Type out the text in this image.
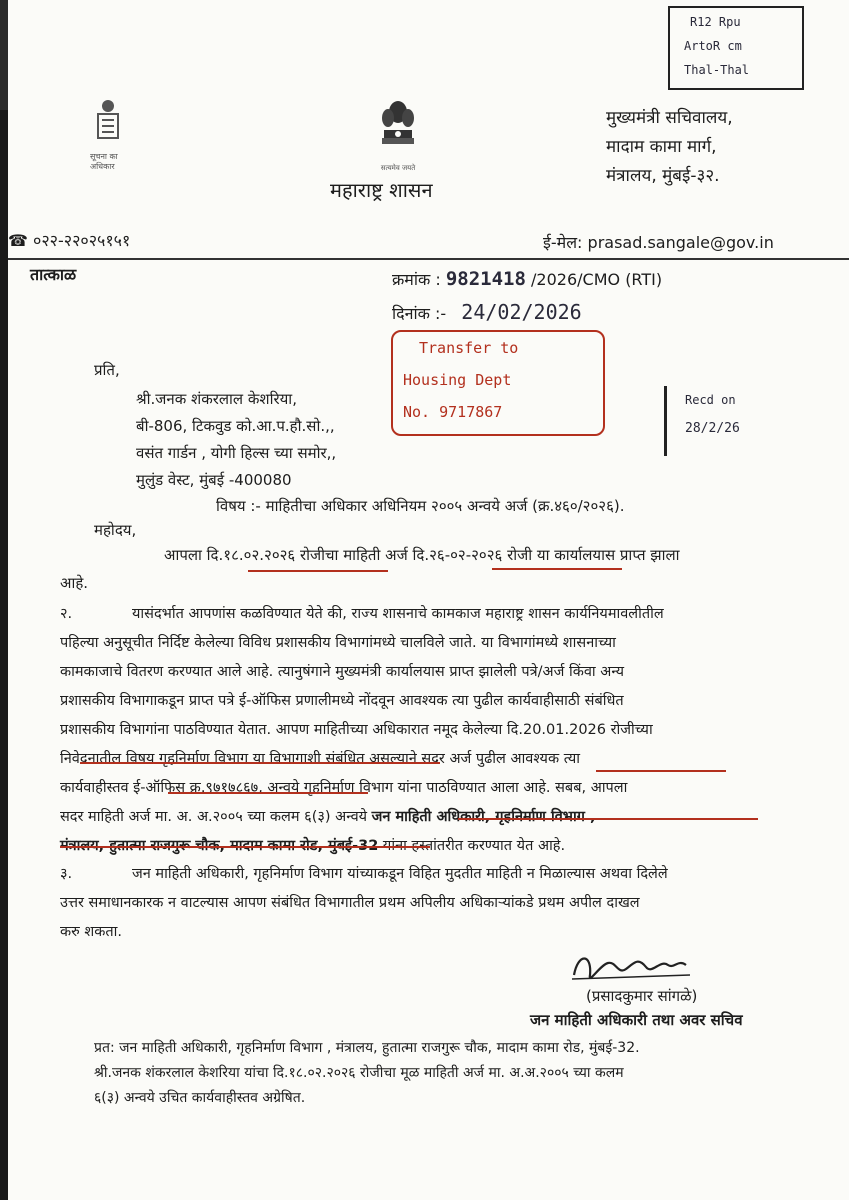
सूचना का अधिकार	सत्यमेव जयते
महाराष्ट्र शासन
मुख्यमंत्री सचिवालय,
मादाम कामा मार्ग,
मंत्रालय, मुंबई-३२.
R12 Rpu
ArtoR cm
Thal-Thal
☎ ०२२-२२०२५१५१	ई-मेल: prasad.sangale@gov.in
तात्काळ	क्रमांक : 9821418 /2026/CMO (RTI)
दिनांक :- 24/02/2026
प्रति,
श्री.जनक शंकरलाल केशरिया,
बी-806, टिकवुड को.आ.प.हौ.सो.,,
वसंत गार्डन , योगी हिल्स च्या समोर,,
मुलुंड वेस्ट, मुंबई -400080
Transfer to
Housing Dept
No. 9717867
Recd on
28/2/26
विषय :- माहितीचा अधिकार अधिनियम २००५ अन्वये अर्ज (क्र.४६०/२०२६).
महोदय,
आपला दि.१८.०२.२०२६ रोजीचा माहिती अर्ज दि.२६-०२-२०२६ रोजी या कार्यालयास प्राप्त झाला
आहे.
२.	यासंदर्भात आपणांस कळविण्यात येते की, राज्य शासनाचे कामकाज महाराष्ट्र शासन कार्यनियमावलीतील
पहिल्या अनुसूचीत निर्दिष्ट केलेल्या विविध प्रशासकीय विभागांमध्ये चालविले जाते. या विभागांमध्ये शासनाच्या
कामकाजाचे वितरण करण्यात आले आहे. त्यानुषंगाने मुख्यमंत्री कार्यालयास प्राप्त झालेली पत्रे/अर्ज किंवा अन्य
प्रशासकीय विभागाकडून प्राप्त पत्रे ई-ऑफिस प्रणालीमध्ये नोंदवून आवश्यक त्या पुढील कार्यवाहीसाठी संबंधित
प्रशासकीय विभागांना पाठविण्यात येतात. आपण माहितीच्या अधिकारात नमूद केलेल्या दि.20.01.2026 रोजीच्या
निवेदनातील विषय गृहनिर्माण विभाग या विभागाशी संबंधित असल्याने सदर अर्ज पुढील आवश्यक त्या
कार्यवाहीस्तव ई-ऑफिस क्र.९७१७८६७, अन्वये गृहनिर्माण विभाग यांना पाठविण्यात आला आहे. सबब, आपला
सदर माहिती अर्ज मा. अ. अ.२००५ च्या कलम ६(३) अन्वये जन माहिती अधिकारी, गृहनिर्माण विभाग ,
मंत्रालय, हुतात्मा राजगुरू चौक, मादाम कामा रोड, मुंबई-32 यांना हस्तांतरीत करण्यात येत आहे.
३.	जन माहिती अधिकारी, गृहनिर्माण विभाग यांच्याकडून विहित मुदतीत माहिती न मिळाल्यास अथवा दिलेले
उत्तर समाधानकारक न वाटल्यास आपण संबंधित विभागातील प्रथम अपिलीय अधिकाऱ्यांकडे प्रथम अपील दाखल
करु शकता.
(प्रसादकुमार सांगळे)
जन माहिती अधिकारी तथा अवर सचिव
प्रत: जन माहिती अधिकारी, गृहनिर्माण विभाग , मंत्रालय, हुतात्मा राजगुरू चौक, मादाम कामा रोड, मुंबई-32.
श्री.जनक शंकरलाल केशरिया यांचा दि.१८.०२.२०२६ रोजीचा मूळ माहिती अर्ज मा. अ.अ.२००५ च्या कलम
६(३) अन्वये उचित कार्यवाहीस्तव अग्रेषित.
